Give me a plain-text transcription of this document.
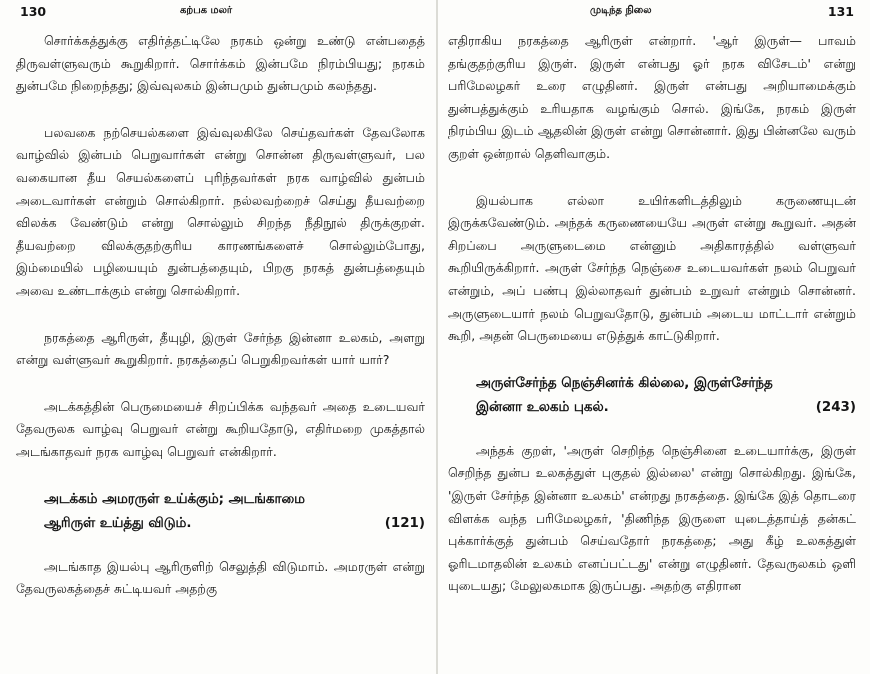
130	கற்பக மலர்

சொர்க்கத்துக்கு எதிர்த்தட்டிலே நரகம் ஒன்று உண்டு என்பதைத் திருவள்ளுவரும் கூறுகிறார். சொர்க்கம் இன்பமே நிரம்பியது; நரகம் துன்பமே நிறைந்தது; இவ்வுலகம் இன்பமும் துன்பமும் கலந்தது.

பலவகை நற்செயல்களை இவ்வுலகிலே செய்தவர்கள் தேவலோக வாழ்வில் இன்பம் பெறுவார்கள் என்று சொன்ன திருவள்ளுவர், பல வகையான தீய செயல்களைப் புரிந்தவர்கள் நரக வாழ்வில் துன்பம் அடைவார்கள் என்றும் சொல்கிறார். நல்லவற்றைச் செய்து தீயவற்றை விலக்க வேண்டும் என்று சொல்லும் சிறந்த நீதிநூல் திருக்குறள். தீயவற்றை விலக்குதற்குரிய காரணங்களைச் சொல்லும்போது, இம்மையில் பழியையும் துன்பத்தையும், பிறகு நரகத் துன்பத்தையும் அவை உண்டாக்கும் என்று சொல்கிறார்.

நரகத்தை ஆரிருள், தீயுழி, இருள் சேர்ந்த இன்னா உலகம், அளறு என்று வள்ளுவர் கூறுகிறார். நரகத்தைப் பெறுகிறவர்கள் யார் யார்?

அடக்கத்தின் பெருமையைச் சிறப்பிக்க வந்தவர் அதை உடையவர் தேவருலக வாழ்வு பெறுவர் என்று கூறியதோடு, எதிர்மறை முகத்தால் அடங்காதவர் நரக வாழ்வு பெறுவர் என்கிறார்.

அடக்கம் அமரருள் உய்க்கும்; அடங்காமை
ஆரிருள் உய்த்து விடும்.	(121)

அடங்காத இயல்பு ஆரிருளிற் செலுத்தி விடுமாம். அமரருள் என்று தேவருலகத்தைச் சுட்டியவர் அதற்கு

முடிந்த நிலை	131

எதிராகிய நரகத்தை ஆரிருள் என்றார். 'ஆர் இருள்— பாவம் தங்குதற்குரிய இருள். இருள் என்பது ஓர் நரக விசேடம்' என்று பரிமேலழகர் உரை எழுதினர். இருள் என்பது அறியாமைக்கும் துன்பத்துக்கும் உரியதாக வழங்கும் சொல். இங்கே, நரகம் இருள் நிரம்பிய இடம் ஆதலின் இருள் என்று சொன்னார். இது பின்னலே வரும் குறள் ஒன்றால் தெளிவாகும்.

இயல்பாக எல்லா உயிர்களிடத்திலும் கருணையுடன் இருக்கவேண்டும். அந்தக் கருணையையே அருள் என்று கூறுவர். அதன் சிறப்பை அருளுடைமை என்னும் அதிகாரத்தில் வள்ளுவர் கூறியிருக்கிறார். அருள் சேர்ந்த நெஞ்சை உடையவர்கள் நலம் பெறுவர் என்றும், அப் பண்பு இல்லாதவர் துன்பம் உறுவர் என்றும் சொன்னர். அருளுடையார் நலம் பெறுவதோடு, துன்பம் அடைய மாட்டார் என்றும் கூறி, அதன் பெருமையை எடுத்துக் காட்டுகிறார்.

அருள்சேர்ந்த நெஞ்சினர்க் கில்லை, இருள்சேர்ந்த
இன்னா உலகம் புகல்.	(243)

அந்தக் குறள், 'அருள் செறிந்த நெஞ்சினை உடையார்க்கு, இருள் செறிந்த துன்ப உலகத்துள் புகுதல் இல்லை' என்று சொல்கிறது. இங்கே, 'இருள் சேர்ந்த இன்னா உலகம்' என்றது நரகத்தை. இங்கே இத் தொடரை விளக்க வந்த பரிமேலழகர், 'திணிந்த இருளை யுடைத்தாய்த் தன்கட் புக்கார்க்குத் துன்பம் செய்வதோர் நரகத்தை; அது கீழ் உலகத்துள் ஓரிடமாதலின் உலகம் எனப்பட்டது' என்று எழுதினர். தேவருலகம் ஒளி யுடையது; மேலுலகமாக இருப்பது. அதற்கு எதிரான
